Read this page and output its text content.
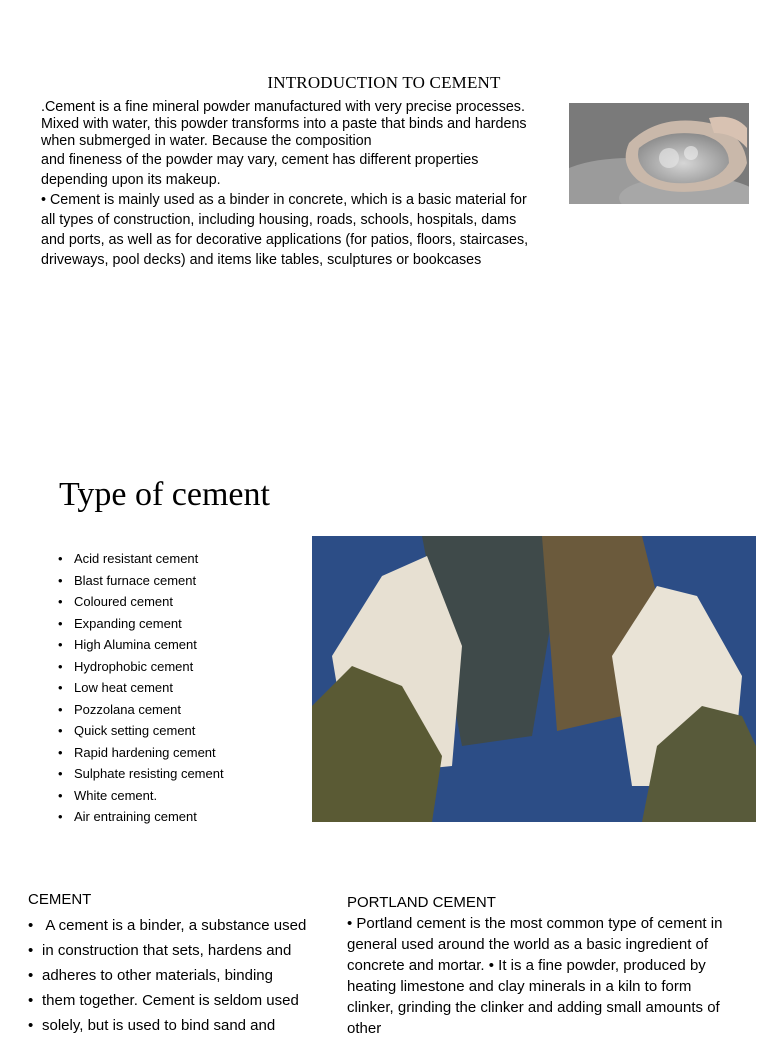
INTRODUCTION TO CEMENT

.Cement is a fine mineral powder manufactured with very precise processes. Mixed with water, this powder transforms into a paste that binds and hardens when submerged in water. Because the composition

and fineness of the powder may vary, cement has different properties depending upon its makeup.

• Cement is mainly used as a binder in concrete, which is a basic material for all types of construction, including housing, roads, schools, hospitals, dams and ports, as well as for decorative applications (for patios, floors, staircases, driveways, pool decks) and items like tables, sculptures or bookcases

Type of cement
• Acid resistant cement
• Blast furnace cement
• Coloured cement
• Expanding cement
• High Alumina cement
• Hydrophobic cement
• Low heat cement
• Pozzolana cement
• Quick setting cement
• Rapid hardening cement
• Sulphate resisting cement
• White cement.
• Air entraining cement
CEMENT
• A cement is a binder, a substance used
• in construction that sets, hardens and
• adheres to other materials, binding
• them together. Cement is seldom used
• solely, but is used to bind sand and

PORTLAND CEMENT

• Portland cement is the most common type of cement in general used around the world as a basic ingredient of concrete and mortar. • It is a fine powder, produced by heating limestone and clay minerals in a kiln to form clinker, grinding the clinker and adding small amounts of other
